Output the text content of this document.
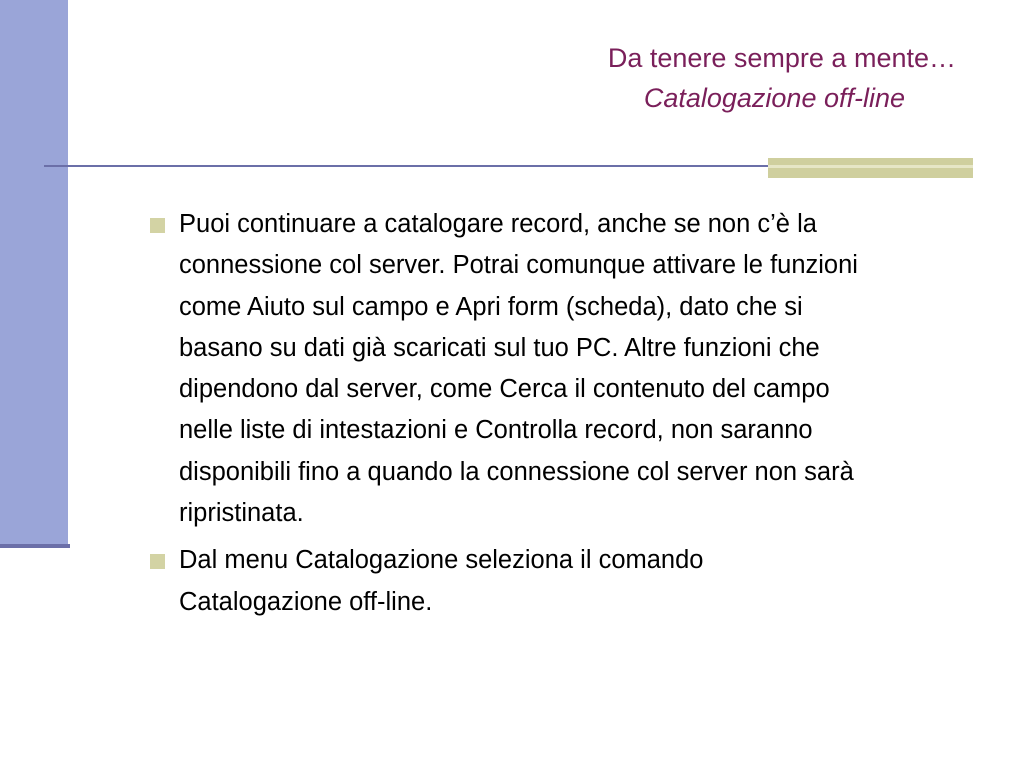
Da tenere sempre a mente…
Catalogazione off-line
Puoi continuare a catalogare record, anche se non c’è la connessione col server. Potrai comunque attivare le funzioni come Aiuto sul campo e Apri form (scheda), dato che si basano su dati già scaricati sul tuo PC. Altre funzioni che dipendono dal server, come Cerca il contenuto del campo nelle liste di intestazioni e Controlla record, non saranno disponibili fino a quando la connessione col server non sarà ripristinata.
Dal menu Catalogazione seleziona il comando Catalogazione off-line.
